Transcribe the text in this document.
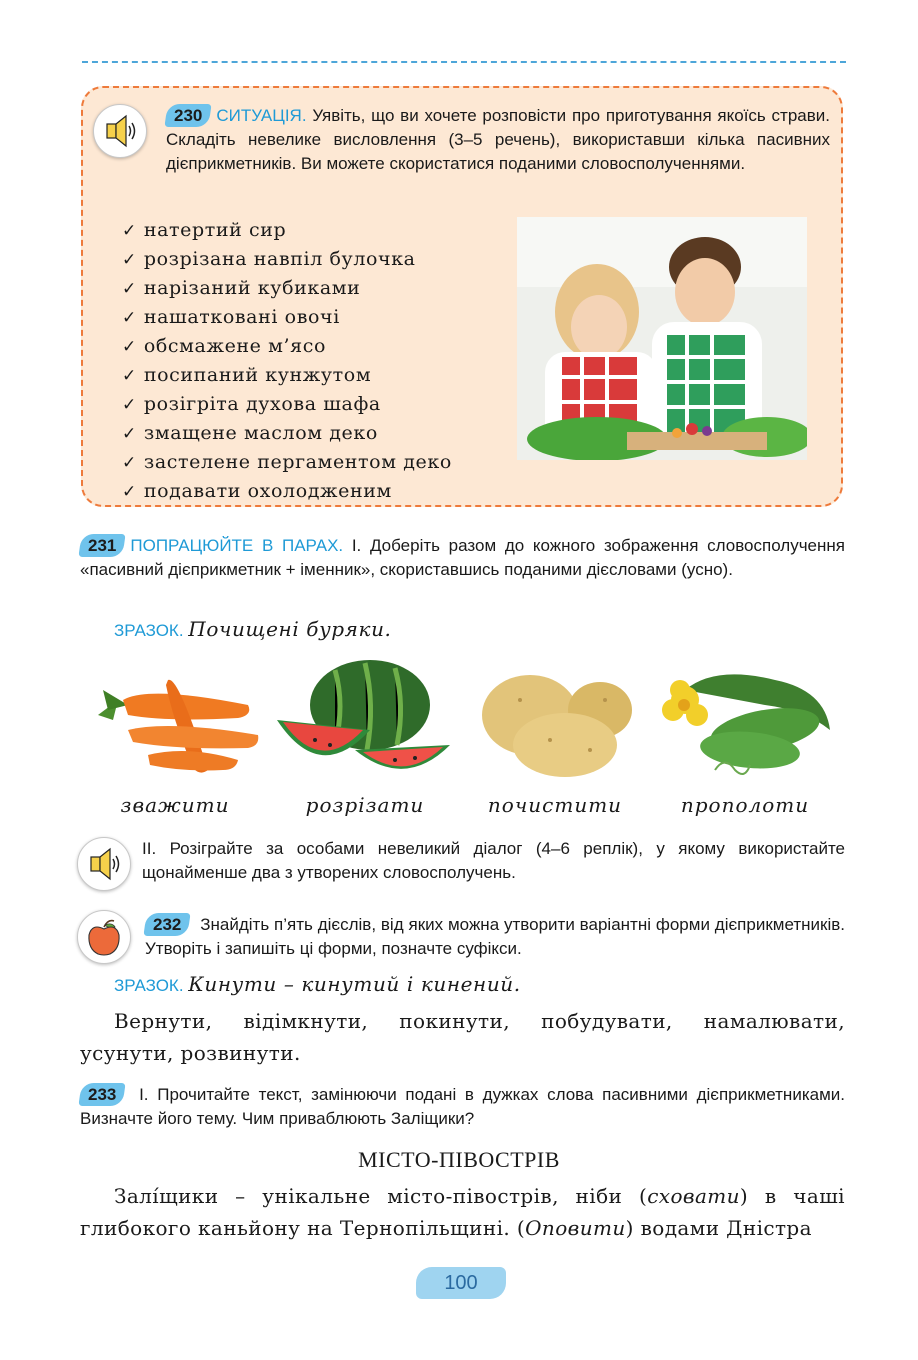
230 СИТУАЦІЯ. Уявіть, що ви хочете розповісти про приготування якоїсь страви. Складіть невелике висловлення (3–5 речень), використавши кілька пасивних дієприкметників. Ви можете скористатися поданими словосполученнями.
✓ натертий сир
✓ розрізана навпіл булочка
✓ нарізаний кубиками
✓ нашатковані овочі
✓ обсмажене м’ясо
✓ посипаний кунжутом
✓ розігріта духова шафа
✓ змащене маслом деко
✓ застелене пергаментом деко
✓ подавати охолодженим
231 ПОПРАЦЮЙТЕ В ПАРАХ. І. Доберіть разом до кожного зображення словосполучення «пасивний дієприкметник + іменник», скориставшись поданими дієсловами (усно).
ЗРАЗОК. Почищені буряки.
зважити	розрізати	почистити	прополоти
ІІ. Розіграйте за особами невеликий діалог (4–6 реплік), у якому використайте щонайменше два з утворених словосполучень.
232 Знайдіть п’ять дієслів, від яких можна утворити варіантні форми дієприкметників. Утворіть і запишіть ці форми, позначте суфікси.
ЗРАЗОК. Кинути – кинутий і кинений.
Вернути, відімкнути, покинути, побудувати, намалювати, усунути, розвинути.
233 І. Прочитайте текст, замінюючи подані в дужках слова пасивними дієприкметниками. Визначте його тему. Чим приваблюють Заліщики?
МІСТО-ПІВОСТРІВ
Залі́щики – унікальне місто-півострів, ніби (сховати) в чаші глибокого каньйону на Тернопільщині. (Оповити) водами Дністра
100
